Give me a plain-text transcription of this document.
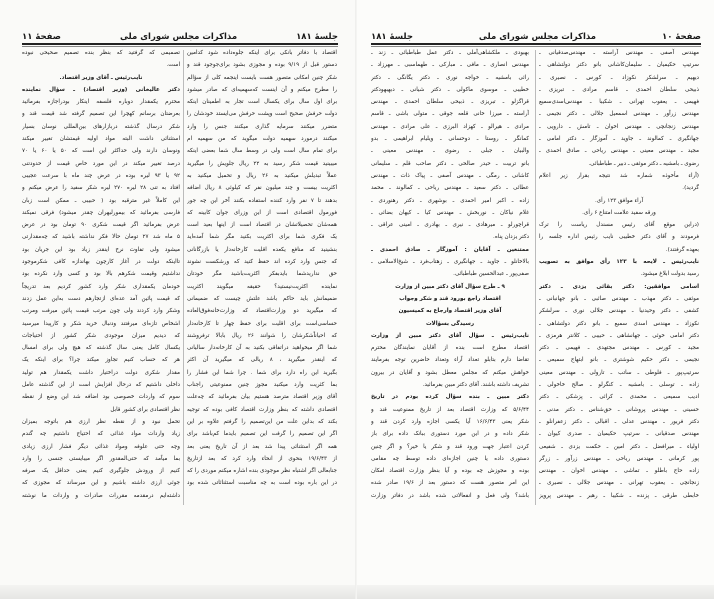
جلسهٔ ۱۸۱
مذاکرات مجلس شورای ملی
صفحهٔ ۱۱
اقتصاد با دفاتر بانکی برای اینکه جلوه‌داده شود کدامین
دستور قبل از ۹/۱۹ بوده و مجوزی بشود برای‌جوجود قند و
شکر چنین امکانی متصور هست بایست اینجمه کلی از سؤالم
را مطرح میکنم و آن اینست که‌سهمیه‌ای که صادر میشود
برای اول سال برای یکسال است تجار به اطمینان اینکه
دولت حرفش صحیح است وپشت حرفش می‌ایستد خودشان را
متضرر میکنند سرمایه گذاری میکنند جنس را وارد
میکنند درمورد سهمیه دولت میگوید که من سهمیه ام
برای تمام سال است ولی در وسط سال شما بعضی اینکه
میبینید قیمت شکر رسید به ۲۲ ریال جلویش را میگیرید
عملاً تبدیلش میکنید به ۲۶ ریال و تحمیل میکنید به
اکثریت بیست و چند میلیون نفر که کیلوئی ۸ ریال اضافه
بدهند تا ۷ نفر وارد کننده استفاده بکنند آخر این چه جور
فورمول اقتصادی است از این وزرای جوان کابینه که
همه‌شان تحصیلاتشان در اقتصاد است از اینها بعید است
یک فکری شما برای اکثریت بکنید مگر شما آمده‌اید
بنشینید که منافع یکعده اقلیت کارخانه‌دار یا بازرگانانی
که جنس وارد کرده اند حفظ کنید که ورشکست نشوند
حق ندارید‌شما باید‌بفکر اکثریت‌باشید مگر خودتان
نماینده اکثریت‌نیستید؟ حقیقه میگویند اکثریت
ضمیمانش باید حاکم باشد علتش چیست که ضمیمانی
که میگیرید دو وزارت‌اقتصاد که وزارت‌خانه‌فوق‌العاده
حساسی‌است برای اقلیت برای حفظ چهار تا کارخانه‌دار
که احیاناًشکرشان را شوانند ۲۶ ریال بابالا ترفروشند
شما اگر میخواهید دراتفاقی بکنید به آن کارخانه‌دار سالیانی
که اینقدر میگیرید ، ۸ ریالی که میگیرید آن اکثر
بگیرید این راه دارد برای شما . چرا شما این فشار را
بما کثریت وارد میکنید مجوز چنین ممنوعیتی راجناب
آقای وزیر اقتصاد مترصد هستیم بیان بفرمائید که چه‌علت
اقتصادی داشته که بنظر وزارت اقتصاد کافی بوده که توجیه
بکند که بداین علت من این‌تصمیم را گرفتم علاوه بر این
اگر این تصمیم را گرفت این تصمیم بایدما کم‌باشد برای
همه اگر استثنائی پیدا شد بعد از آن تاریخ یعنی بعد
از ۱۹/۶/۴۳ بنحوی از انحاء وارد کرد که بعد ازتاریخ
جنابعالی اگر اشتباه نظر موجودی بنده اشاره میکنم موردی را که
در این باره بوده است به چه مناسبت استثنائاتی شده بود
تصمیمی که گرفتید که بنظر بنده تصمیم صحیحی نبوده
است.
نایب‌رئیس ـ آقای وزیر اقتصاد.
دکتر عالیخانی (وزیر اقتصاد) ـ سؤال نماینده
محترم یکمقدار دوباره فلسفه اینکار بودراجازه بفرمائید
بعرضتان برسانم کهچرا این تصمیم گرفته شد قیمت قند و
شکر درسال گذشته دربازارهای بین‌المللی نوسان بسیار
استثنائی داشت البته مواد اولیه قیمتشان تغییر میکند
ونوسان دارند ولی حداکثر این است که ۵۰ یا ۶۰ یا ۷۰
درصد تغییر میکند در این مورد خاص قیمت از حدودتنی
۹۲ یا ۹۳ لیره بوده در عرض چند ماه با سرعت عجیبی
افتاد به تنی ۲۸ لیره ۲۷۰ لیره شکر سفید را عرض میکنم و
این کاملاً غیر مترقبه بود ( حبیبی ـ ممکن است زبان
فارسی بفرمائید که بیمورلیهران چقدر میشود) فرقی نمیکند
عرض بفرمائید اگر قیمت شکری ۹۰ تومان بود در عرض
۵ ماه شد ۲۷ تومان حالا فکر نداشته باشید که چه‌مقدارتی
میشود ولی تفاوت نرخ اینقدر زیاد بود این جریان بود
تااینکه دولت در آغاز کارچون بهاندازه کافی شکرموجود
نداشتیم وقیمت شکرهم بالا بود و کسی وارد نکرده بود
خودمان یکمقداری شکر وارد کشور کردیم بعد تدریجاً
که قیمت پائین آمد عده‌ای ازتجارهم دست به‌این عمل زدند
وشکر وارد کردند ولی چون مرتب قیمت پائین میرفت ومرتب
اشخاص تازه‌ای میرفتند ودنبال خرید شکر و کارپیدا میرسید
که دیدیم میزان موجودی شکر کشور از احتیاجات
یکسال کامل یعنی سال گذشته که هیچ ولی برای امسال
هر که حساب کنیم تجاوز میکند چرا؟ برای اینکه یک
مقدار شکری دولت دراختیار داشت یکمقدار هم تولید
داخلی داشتیم که درحال افزایش است از این گذشته عامل
سوم که واردات خصوصی بود اضافه شد این وضع از نقطه
نظر اقتصادی برای کشور قابل
تحمل نبود و از نقطه نظر ارزی هم باتوجه بمیزان
زیاد واردات مواد غذائی که احتیاج داشتیم چه گندم
وچه حتی علوفه ومواد غذائی دیگر فشار ارزی زیادی
بما میآمد که حتی‌المقدور اگر میبایستی جنسی را وارد
کنیم از ورودش جلوگیری کنیم یعنی حداقل یک صرفه
جوئی ارزی داشته باشیم و این میرساند که مجوزی که
داشته‌ایم درمقدمه مقررات صادرات و واردات ما نوشته
صفحهٔ ۱۰
مذاکرات مجلس شورای ملی
جلسهٔ ۱۸۱
مهندس آصفی ـ مهندس آراسته ـ مهندس‌صدقیانی ـ
سرتیپ حکیمیان ـ سلیمان‌کاشانی بانو دکتر دولتشاهی ـ
دیهیم ـ سرلشکر نکوزاد ـ کورس ـ نصیری ـ
ذبیحی سلطان احمدی ـ قاسم مرادی ـ تبریزی ـ
فهیمی ـ یعقوب تهرانی ـ شکیبا ـ مهندس‌اسدی‌سمیع
مهندس زرآور ـ مهندس اسمعیل جلالی ـ دکتر نجیمی ـ
مهندس زنجانچی ـ مهندس اخوان ـ تامش ـ دارویی ـ
جهانگیری ـ کمالوند ـ جاوید ـ آموزگار ـ دکتر امامی ـ
مجید ـ مهندس معینی ـ مهندس ریاحی ـ صادق احمدی ـ
رضوی ـ بامشیه ـ دکتر موثقی ـ دبیر ـ طباطبائی.
(آراء مأخوذه شماره شد نتیجه بقرار زیر اعلام
گردید).
آراء موافق ۱۲۳ رأی.
ورقه سفید علامت امتناع ۶ رأی.
(دراین موقع آقای رئیس مسندل ریاست را ترک
فرمودند و آقای دکتر خطیبی نایب رئیس اداره جلسه را
بعهده گرفتند).
نایب‌رئیس ـ لایحه با ۱۲۳ رأی موافق به تصویب
رسید بدولت ابلاغ میشود.
اسامی موافقین: دکتر بقائی یزدی ـ دکتر
موثقی ـ دکتر مهذب ـ مهندس صائبی ـ بانو جهانبانی ـ
کشفی ـ دکتر وحیدنیا ـ مهندس جلالی نوری ـ سرلشکر
نکوزاد ـ مهندس اسدی سمیع ـ بانو دکتر دولتشاهی ـ
دکتر امامی خوئی ـ جهانشاهی ـ حبیبی ـ کلانتر هرمزی ـ
مجید ـ کورس ـ مهندس مجتهدی ـ فهیمی ـ دکتر
نجیمی ـ دکتر حکیم شوشتری ـ بانو ابتهاج سمیعی ـ
سرتیپ‌پور ـ فلوطی ـ ساتب ـ تارولی ـ مهندس معینی
زاده ـ توسلی ـ بامشیه ـ کنگرلو ـ صالح خاخولی ـ
ادیب سمیعی ـ محمدی ـ کرائی ـ پزشکی ـ دکتر
حسینی ـ مهندس پروشانی ـ حق‌شناس ـ دکتر مدنی ـ
دکتر فریور ـ مهندس عدلی ـ اقبالی ـ دکتر زعفرانلو ـ
مهندس صدقیانی ـ سرتیپ حکیمیان ـ صدری کیوان ـ
اولیاء ـ میرافضل ـ دکتر امین ـ حکمت یزدی ـ شفیعی
پور کرمانی ـ مهندس ریاحی ـ مهندس زرآور ـ زرگر
زاده حاج باطلو ـ تماشی ـ مهندس اخوان ـ مهندس
زنجانچی ـ یعقوب تهرانی ـ مهندس جلالی ـ نصیری ـ
خابطی طرقی ـ پزنده ـ شکیبا ـ رهبر ـ مهندس پرویز
بهبودی ـ ملکشاهی‌آملی ـ دکتر عمل طباطبائی ـ زند ـ
مهندس انصاری ـ مافی ـ مبارکی ـ طهماسبی ـ مهرزاد ـ
رائی بامشیه ـ خواجه نوری ـ دکتر یگانگی ـ دکتر
خطیبی ـ موسوی ماکولی ـ دکتر شیانی ـ دبهبهودکتر
قراگزلو ـ تبریزی ـ ذبیحی سلطان احمدی ـ مهندس
آراسته ـ میرزا خانی قلعه جوقی ـ متولی باشی ـ قاسم
مرادی ـ هیرالو ـ کهزاد البرزی ـ علی مرادی ـ مهندس
کمانگر ـ روستا ـ دوحسانی ـ ویلیام ابراهیمی ـ بدو
والبیان ـ جبلی ـ رضوی ـ مهندس معینی ـ
بانو تربیت ـ حیدر صالحی ـ دکتر صاحب قلم ـ سلیمانی
کاشانی ـ رمگی ـ مهندس آصفی ـ پیاک ذات ـ مهندس
عطائی ـ دکتر سعید ـ مهندس ریاحی ـ کمالوند ـ محمد
زاده ـ اکبر امیر احمدی ـ بوشهری ـ دکتر رهنوردی ـ
غلام نیاکان ـ نوربخش ـ مهندس کیا ـ کیهان بضائی ـ
قراچورلو ـ میرهادی ـ نیری ـ بهادری ـ امینی عراقی ـ
دکتر یزدان پناه.
ممتنعین ـ آقایان : آموزگار ـ صادق احمدی ـ
بالاخانلو ـ جاوید ـ جهانگیری ـ زهتاب‌فرد ـ شیخ‌الاسلامی ـ
صفی‌پور ـ عبدالحسین طباطبائی.
۹ ـ طرح سؤال آقای دکتر مبین از وزارت
اقتصاد راجع بورود قند و شکر وجواب
آقای وزیر اقتصاد وارجاع به کمیسیون
رسیدگی بسؤالات
نایب‌رئیس ـ سؤال آقای دکتر مبین از وزارت
اقتصاد مطرح است بنده از آقایان نمایندگان محترم
تقاضا دارم بتابلو تعداد آراء وتعداد حاضرین توجه بفرمایند
خواهش میکنم که مجلس معطل بشود و آقایان در بیرون
تشریف داشته باشند. آقای دکتر مبین بفرمائید.
دکتر مبین ـ بنده سؤال کرده بودم در تاریخ
۵/۶/۴۴ که وزارت اقتصاد بعد از تاریخ ممنوعیت قند و
شکر یعنی ۱۶/۶/۴۳ آیا یکسی اجازه وارد کردن قند و
شکر داده و در این مورد دستوری ببانک داده برای باز
کردن اعتبار جهت ورود قند و شکر یا خیر؟ و اگر چنین
دستوری داده یا چنین اجازه‌ای داده توسط چه مقامی
بوده و مجوزش چه بوده و آیا بنظر وزارت اقتصاد امکان
این امر متصور هست که دستور بعد از ۱۹/۶ صادر شده
باشد؟ ولی فعل و انفعالاتی شده باشد در دفاتر وزارت
